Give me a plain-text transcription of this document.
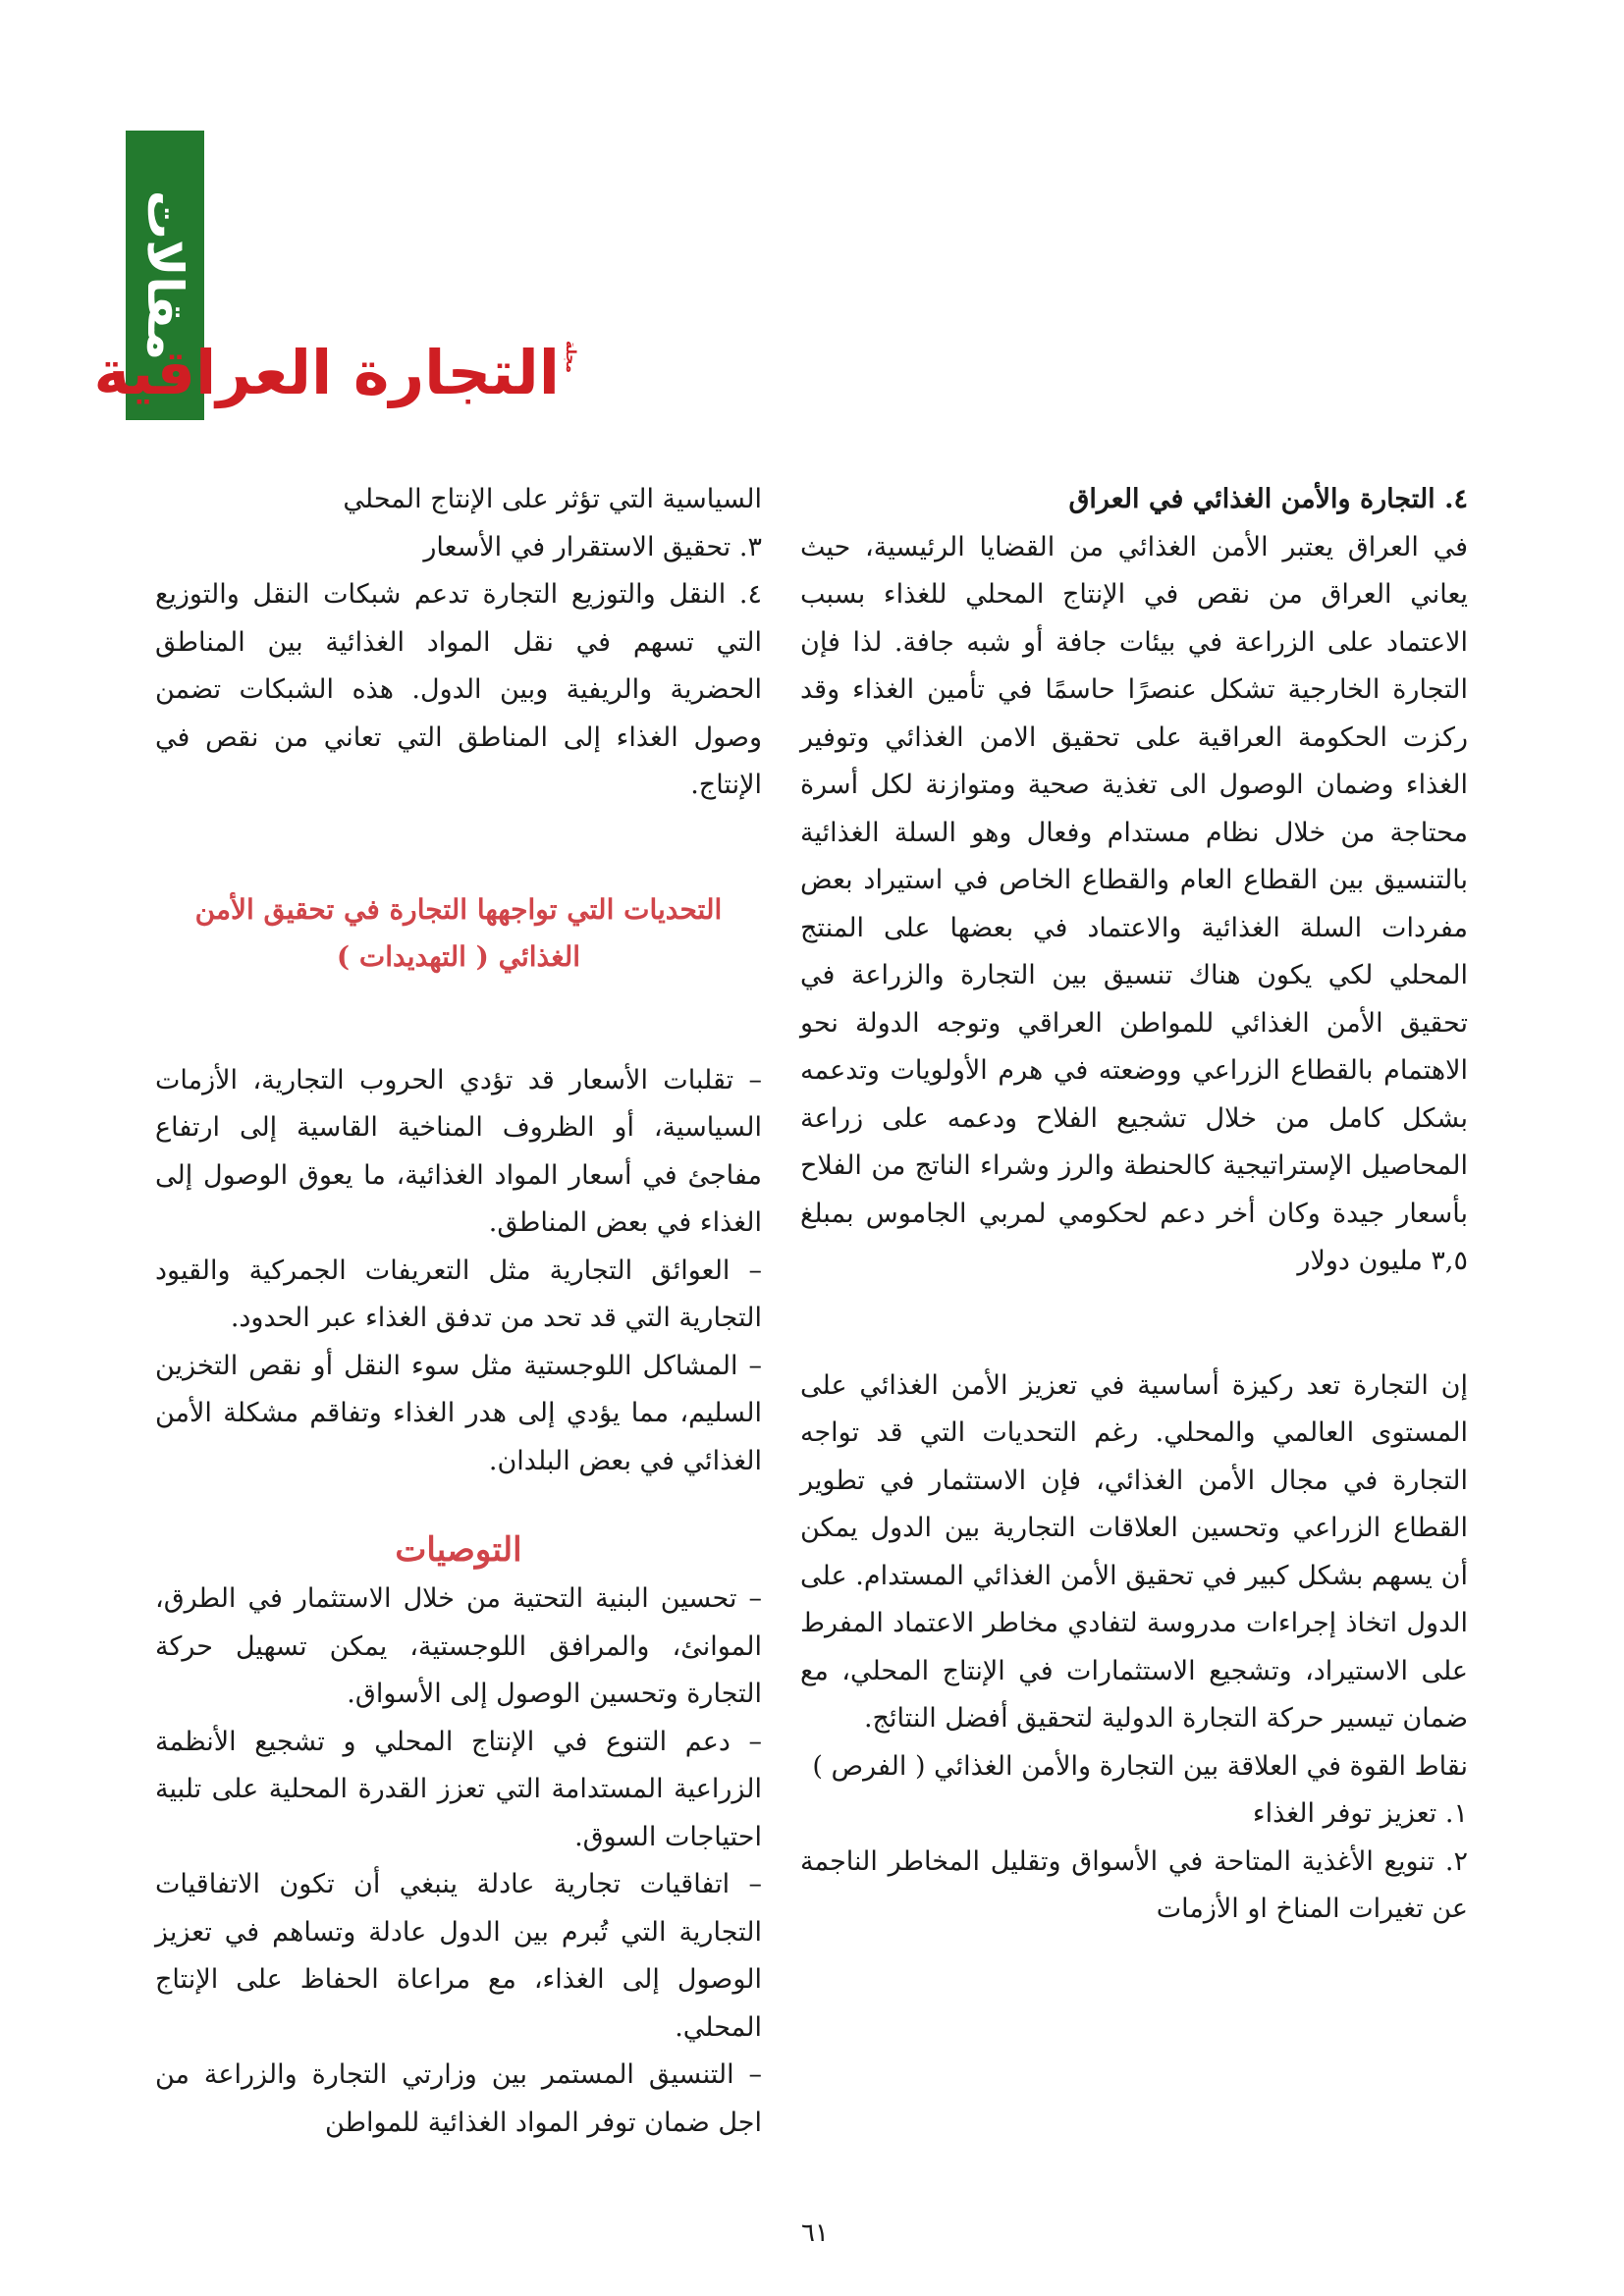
مقالات	مجلة
التجارة العراقية

٤. التجارة والأمن الغذائي في العراق

في العراق يعتبر الأمن الغذائي من القضايا الرئيسية، حيث يعاني العراق من نقص في الإنتاج المحلي للغذاء بسبب الاعتماد على الزراعة في بيئات جافة أو شبه جافة. لذا فإن التجارة الخارجية تشكل عنصرًا حاسمًا في تأمين الغذاء وقد ركزت الحكومة العراقية على تحقيق الامن الغذائي وتوفير الغذاء وضمان الوصول الى تغذية صحية ومتوازنة لكل أسرة محتاجة من خلال نظام مستدام وفعال وهو السلة الغذائية بالتنسيق بين القطاع العام والقطاع الخاص في استيراد بعض مفردات السلة الغذائية والاعتماد في بعضها على المنتج المحلي لكي يكون هناك تنسيق بين التجارة والزراعة في تحقيق الأمن الغذائي للمواطن العراقي وتوجه الدولة نحو الاهتمام بالقطاع الزراعي ووضعته في هرم الأولويات وتدعمه بشكل كامل من خلال تشجيع الفلاح ودعمه على زراعة المحاصيل الإستراتيجية كالحنطة والرز وشراء الناتج من الفلاح بأسعار جيدة وكان أخر دعم لحكومي لمربي الجاموس بمبلغ ٣,٥ مليون دولار

إن التجارة تعد ركيزة أساسية في تعزيز الأمن الغذائي على المستوى العالمي والمحلي. رغم التحديات التي قد تواجه التجارة في مجال الأمن الغذائي، فإن الاستثمار في تطوير القطاع الزراعي وتحسين العلاقات التجارية بين الدول يمكن أن يسهم بشكل كبير في تحقيق الأمن الغذائي المستدام. على الدول اتخاذ إجراءات مدروسة لتفادي مخاطر الاعتماد المفرط على الاستيراد، وتشجيع الاستثمارات في الإنتاج المحلي، مع ضمان تيسير حركة التجارة الدولية لتحقيق أفضل النتائج.

نقاط القوة في العلاقة بين التجارة والأمن الغذائي ( الفرص )

١. تعزيز توفر الغذاء

٢. تنويع الأغذية المتاحة في الأسواق وتقليل المخاطر الناجمة عن تغيرات المناخ او الأزمات

السياسية التي تؤثر على الإنتاج المحلي

٣. تحقيق الاستقرار في الأسعار

٤. النقل والتوزيع التجارة تدعم شبكات النقل والتوزيع التي تسهم في نقل المواد الغذائية بين المناطق الحضرية والريفية وبين الدول. هذه الشبكات تضمن وصول الغذاء إلى المناطق التي تعاني من نقص في الإنتاج.

التحديات التي تواجهها التجارة في تحقيق الأمن الغذائي ( التهديدات )

– تقلبات الأسعار قد تؤدي الحروب التجارية، الأزمات السياسية، أو الظروف المناخية القاسية إلى ارتفاع مفاجئ في أسعار المواد الغذائية، ما يعوق الوصول إلى الغذاء في بعض المناطق.

– العوائق التجارية مثل التعريفات الجمركية والقيود التجارية التي قد تحد من تدفق الغذاء عبر الحدود.

– المشاكل اللوجستية مثل سوء النقل أو نقص التخزين السليم، مما يؤدي إلى هدر الغذاء وتفاقم مشكلة الأمن الغذائي في بعض البلدان.

التوصيات

– تحسين البنية التحتية من خلال الاستثمار في الطرق، الموانئ، والمرافق اللوجستية، يمكن تسهيل حركة التجارة وتحسين الوصول إلى الأسواق.

– دعم التنوع في الإنتاج المحلي و تشجيع الأنظمة الزراعية المستدامة التي تعزز القدرة المحلية على تلبية احتياجات السوق.

– اتفاقيات تجارية عادلة ينبغي أن تكون الاتفاقيات التجارية التي تُبرم بين الدول عادلة وتساهم في تعزيز الوصول إلى الغذاء، مع مراعاة الحفاظ على الإنتاج المحلي.

– التنسيق المستمر بين وزارتي التجارة والزراعة من اجل ضمان توفر المواد الغذائية للمواطن

٦١
